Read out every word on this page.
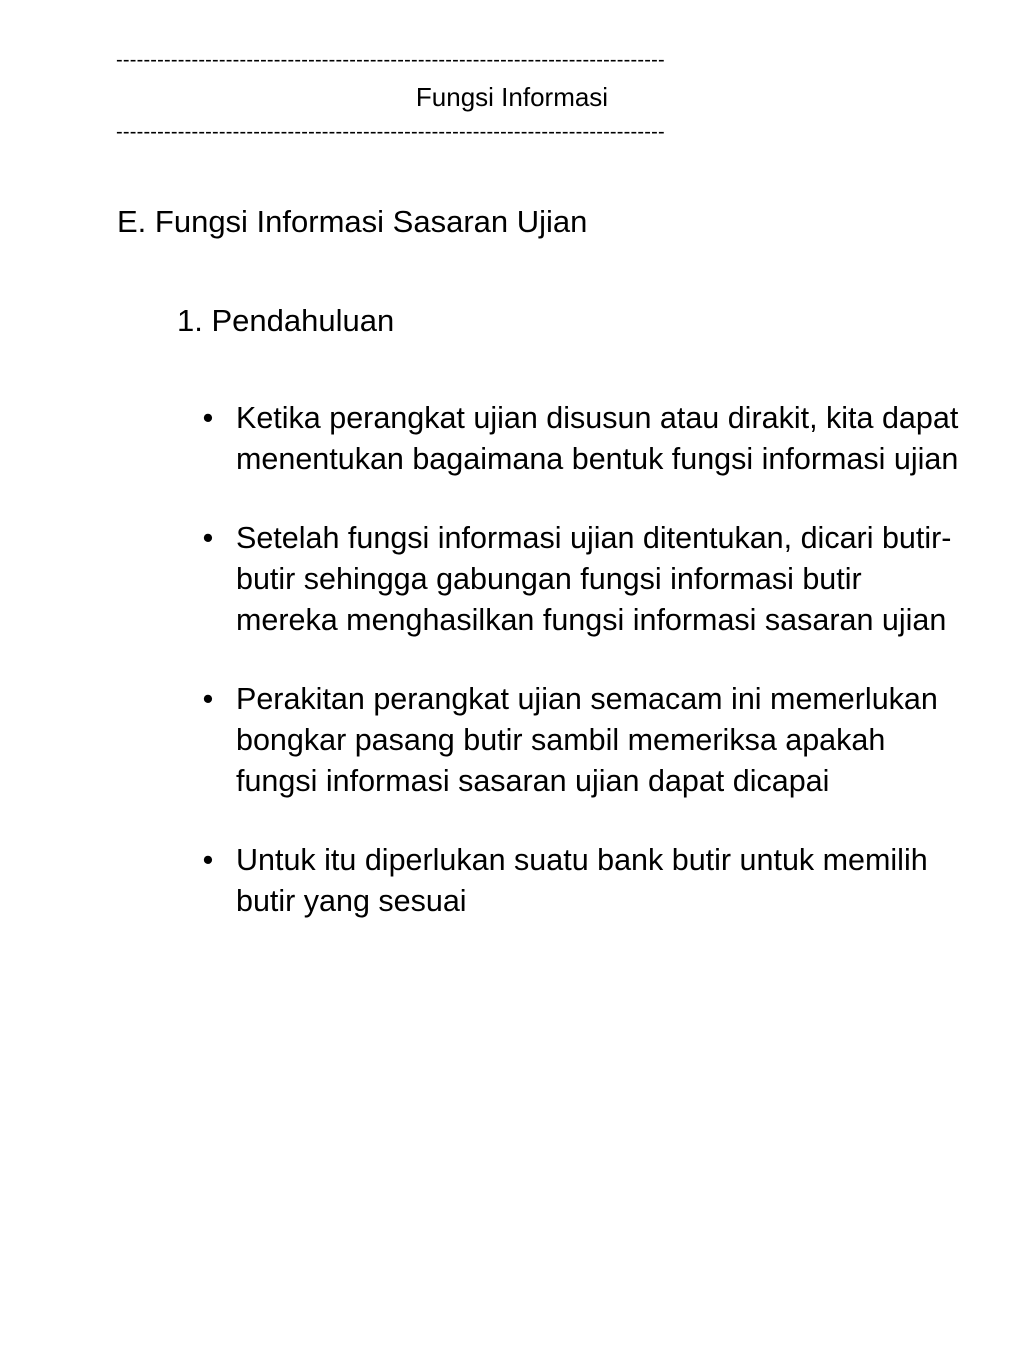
--------------------------------------------------------------------------------
Fungsi Informasi
--------------------------------------------------------------------------------
E. Fungsi Informasi Sasaran Ujian
1. Pendahuluan
• Ketika perangkat ujian disusun atau dirakit, kita dapat menentukan bagaimana bentuk fungsi informasi ujian
• Setelah fungsi informasi ujian ditentukan, dicari butir-butir sehingga gabungan fungsi informasi butir mereka menghasilkan fungsi informasi sasaran ujian
• Perakitan perangkat ujian semacam ini memerlukan bongkar pasang butir sambil memeriksa apakah fungsi informasi sasaran ujian dapat dicapai
• Untuk itu diperlukan suatu bank butir untuk memilih butir yang sesuai
